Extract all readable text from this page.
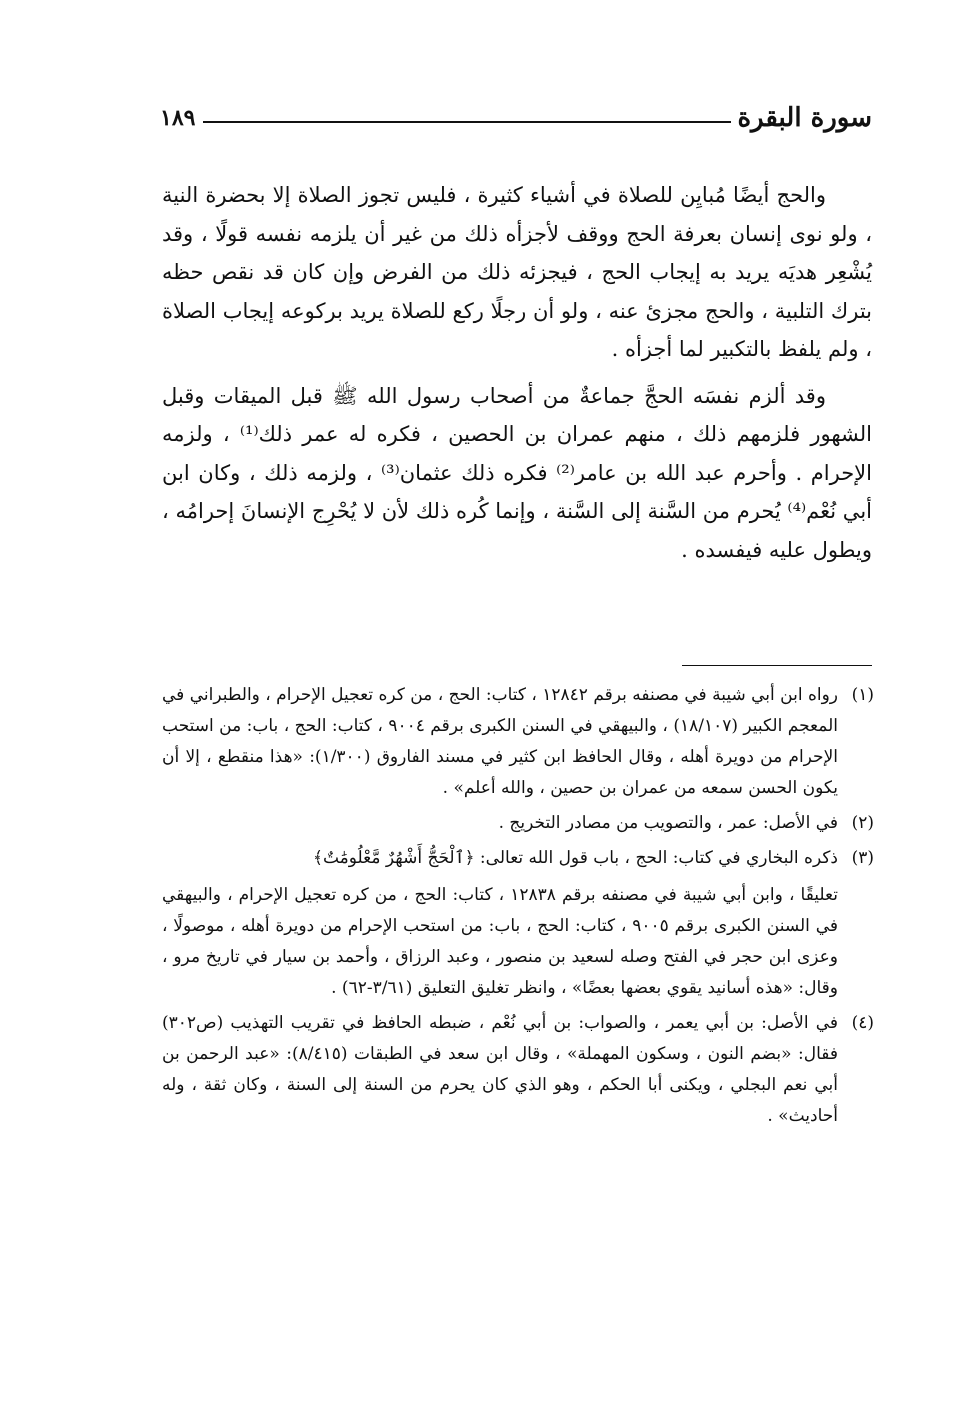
سورة البقرة
١٨٩

والحج أيضًا مُبايِن للصلاة في أشياء كثيرة ، فليس تجوز الصلاة إلا بحضرة النية ، ولو نوى إنسان بعرفة الحج ووقف لأجزأه ذلك من غير أن يلزمه نفسه قولًا ، وقد يُشْعِر هديَه يريد به إيجاب الحج ، فيجزئه ذلك من الفرض وإن كان قد نقص حظه بترك التلبية ، والحج مجزئ عنه ، ولو أن رجلًا ركع للصلاة يريد بركوعه إيجاب الصلاة ، ولم يلفظ بالتكبير لما أجزأه .

وقد ألزم نفسَه الحجَّ جماعةٌ من أصحاب رسول الله ﷺ قبل الميقات وقبل الشهور فلزمهم ذلك ، منهم عمران بن الحصين ، فكره له عمر ذلك⁽¹⁾ ، ولزمه الإحرام . وأحرم عبد الله بن عامر⁽²⁾ فكره ذلك عثمان⁽³⁾ ، ولزمه ذلك ، وكان ابن أبي نُعْم⁽⁴⁾ يُحرم من السَّنة إلى السَّنة ، وإنما كُره ذلك لأن لا يُحْرِج الإنسانَ إحرامُه ، ويطول عليه فيفسده .

(١)
رواه ابن أبي شيبة في مصنفه برقم ١٢٨٤٢ ، كتاب: الحج ، من كره تعجيل الإحرام ، والطبراني في المعجم الكبير (١٨/١٠٧) ، والبيهقي في السنن الكبرى برقم ٩٠٠٤ ، كتاب: الحج ، باب: من استحب الإحرام من دويرة أهله ، وقال الحافظ ابن كثير في مسند الفاروق (١/٣٠٠): «هذا منقطع ، إلا أن يكون الحسن سمعه من عمران بن حصين ، والله أعلم» .
(٢)
في الأصل: عمر ، والتصويب من مصادر التخريج .
(٣)
ذكره البخاري في كتاب: الحج ، باب قول الله تعالى: ﴿ٱلْحَجُّ أَشْهُرٌ مَّعْلُومَٰتٌ﴾
تعليقًا ، وابن أبي شيبة في مصنفه برقم ١٢٨٣٨ ، كتاب: الحج ، من كره تعجيل الإحرام ، والبيهقي في السنن الكبرى برقم ٩٠٠٥ ، كتاب: الحج ، باب: من استحب الإحرام من دويرة أهله ، موصولًا ، وعزى ابن حجر في الفتح وصله لسعيد بن منصور ، وعبد الرزاق ، وأحمد بن سيار في تاريخ مرو ، وقال: «هذه أسانيد يقوي بعضها بعضًا» ، وانظر تغليق التعليق (٣/٦١-٦٢) .
(٤)
في الأصل: بن أبي يعمر ، والصواب: بن أبي نُعْم ، ضبطه الحافظ في تقريب التهذيب (ص٣٠٢) فقال: «بضم النون ، وسكون المهملة» ، وقال ابن سعد في الطبقات (٨/٤١٥): «عبد الرحمن بن أبي نعم البجلي ، ويكنى أبا الحكم ، وهو الذي كان يحرم من السنة إلى السنة ، وكان ثقة ، وله أحاديث» .
